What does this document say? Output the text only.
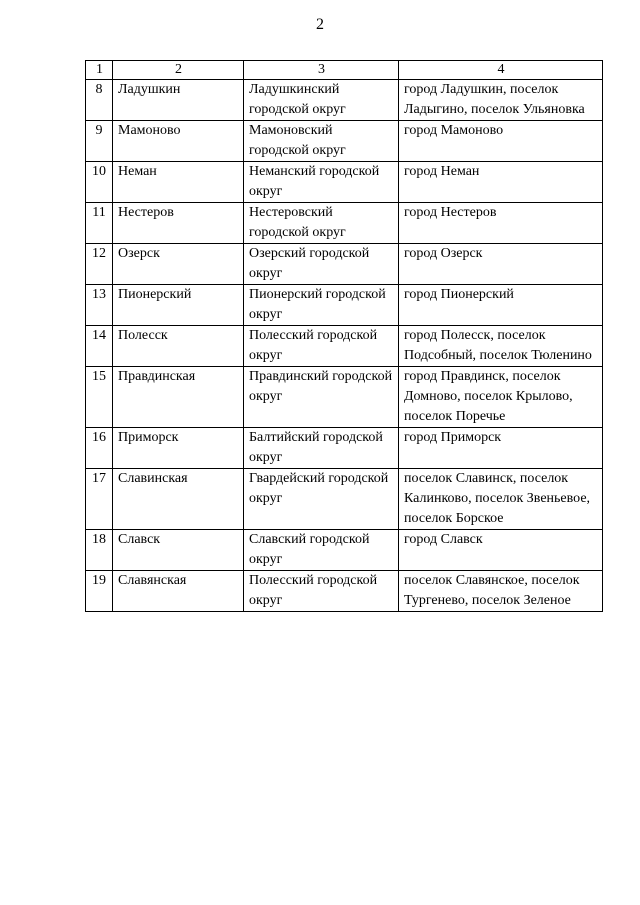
2
1	2	3	4
8	Ладушкин	Ладушкинский городской округ	город Ладушкин, поселок Ладыгино, поселок Ульяновка
9	Мамоново	Мамоновский городской округ	город Мамоново
10	Неман	Неманский городской округ	город Неман
11	Нестеров	Нестеровский городской округ	город Нестеров
12	Озерск	Озерский городской округ	город Озерск
13	Пионерский	Пионерский городской округ	город Пионерский
14	Полесск	Полесский городской округ	город Полесск, поселок Подсобный, поселок Тюленино
15	Правдинская	Правдинский городской округ	город Правдинск, поселок Домново, поселок Крылово, поселок Поречье
16	Приморск	Балтийский городской округ	город Приморск
17	Славинская	Гвардейский городской округ	поселок Славинск, поселок Калинково, поселок Звеньевое, поселок Борское
18	Славск	Славский городской округ	город Славск
19	Славянская	Полесский городской округ	поселок Славянское, поселок Тургенево, поселок Зеленое
